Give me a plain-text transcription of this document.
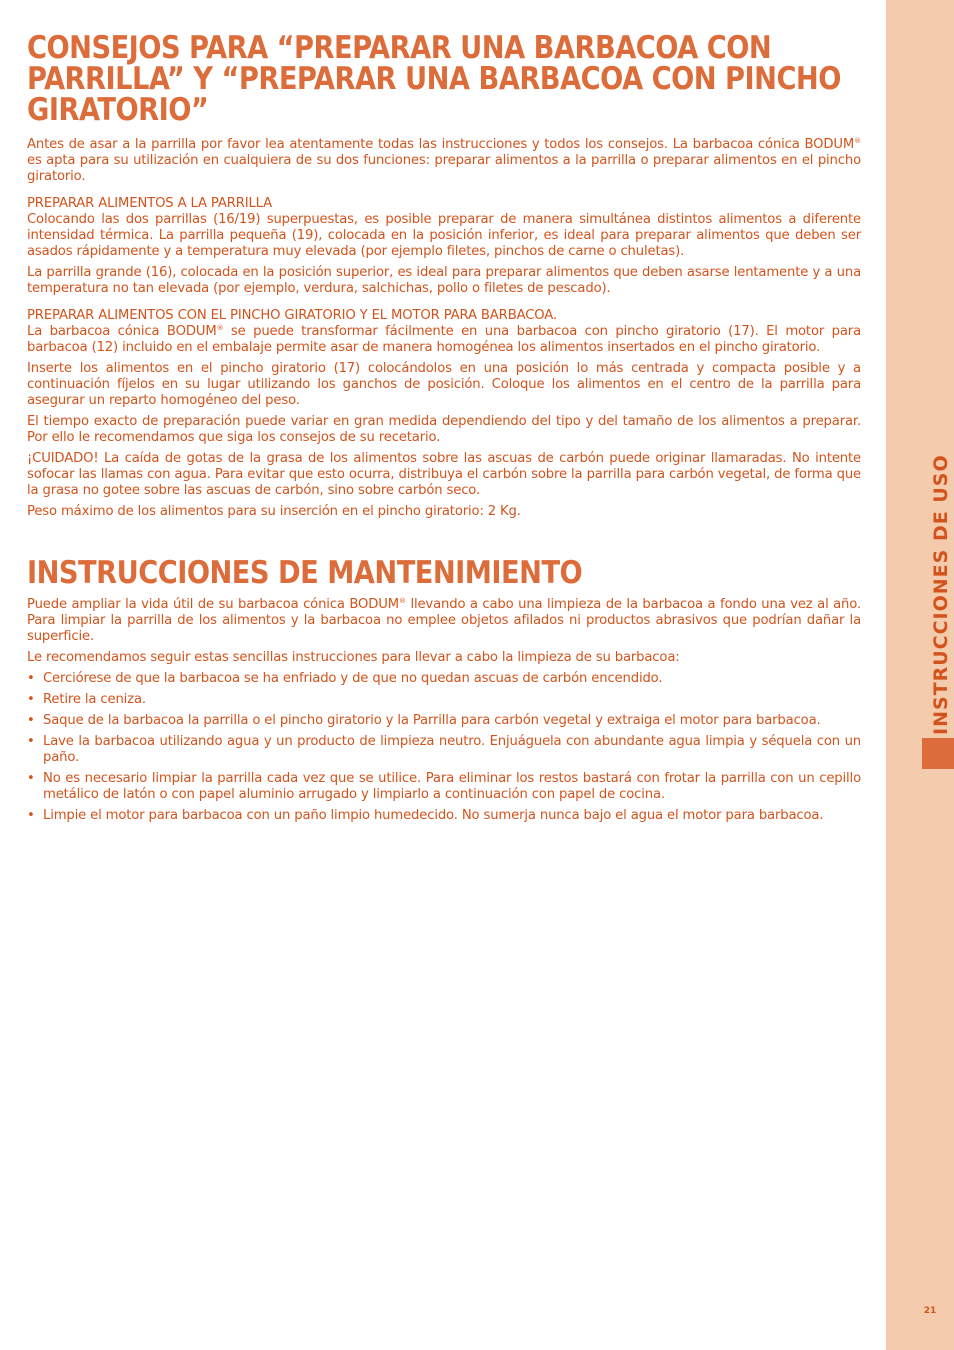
INSTRUCCIONES DE USO
21
CONSEJOS PARA “PREPARAR UNA BARBACOA CON PARRILLA” Y “PREPARAR UNA BARBACOA CON PINCHO GIRATORIO”

Antes de asar a la parrilla por favor lea atentamente todas las instrucciones y todos los consejos. La barbacoa cónica BODUM® es apta para su utilización en cualquiera de su dos funciones: preparar alimentos a la parrilla o preparar alimentos en el pincho giratorio.

PREPARAR ALIMENTOS A LA PARRILLA

Colocando las dos parrillas (16/19) superpuestas, es posible preparar de manera simultánea distintos alimentos a diferente intensidad térmica. La parrilla pequeña (19), colocada en la posición inferior, es ideal para preparar alimentos que deben ser asados rápidamente y a temperatura muy elevada (por ejemplo filetes, pinchos de carne o chuletas).

La parrilla grande (16), colocada en la posición superior, es ideal para preparar alimentos que deben asarse lentamente y a una temperatura no tan elevada (por ejemplo, verdura, salchichas, pollo o filetes de pescado).

PREPARAR ALIMENTOS CON EL PINCHO GIRATORIO Y EL MOTOR PARA BARBACOA.

La barbacoa cónica BODUM® se puede transformar fácilmente en una barbacoa con pincho giratorio (17). El motor para barbacoa (12) incluido en el embalaje permite asar de manera homogénea los alimentos insertados en el pincho giratorio.

Inserte los alimentos en el pincho giratorio (17) colocándolos en una posición lo más centrada y compacta posible y a continuación fíjelos en su lugar utilizando los ganchos de posición. Coloque los alimentos en el centro de la parrilla para asegurar un reparto homogéneo del peso.

El tiempo exacto de preparación puede variar en gran medida dependiendo del tipo y del tamaño de los alimentos a preparar. Por ello le recomendamos que siga los consejos de su recetario.

¡CUIDADO! La caída de gotas de la grasa de los alimentos sobre las ascuas de carbón puede originar llamaradas. No intente sofocar las llamas con agua. Para evitar que esto ocurra, distribuya el carbón sobre la parrilla para carbón vegetal, de forma que la grasa no gotee sobre las ascuas de carbón, sino sobre carbón seco.

Peso máximo de los alimentos para su inserción en el pincho giratorio: 2 Kg.

INSTRUCCIONES DE MANTENIMIENTO

Puede ampliar la vida útil de su barbacoa cónica BODUM® llevando a cabo una limpieza de la barbacoa a fondo una vez al año. Para limpiar la parrilla de los alimentos y la barbacoa no emplee objetos afilados ni productos abrasivos que podrían dañar la superficie.

Le recomendamos seguir estas sencillas instrucciones para llevar a cabo la limpieza de su barbacoa:

• Cerciórese de que la barbacoa se ha enfriado y de que no quedan ascuas de carbón encendido.
• Retire la ceniza.
• Saque de la barbacoa la parrilla o el pincho giratorio y la Parrilla para carbón vegetal y extraiga el motor para barbacoa.
• Lave la barbacoa utilizando agua y un producto de limpieza neutro. Enjuáguela con abundante agua limpia y séquela con un paño.
• No es necesario limpiar la parrilla cada vez que se utilice. Para eliminar los restos bastará con frotar la parrilla con un cepillo metálico de latón o con papel aluminio arrugado y limpiarlo a continuación con papel de cocina.
• Limpie el motor para barbacoa con un paño limpio humedecido. No sumerja nunca bajo el agua el motor para barbacoa.
